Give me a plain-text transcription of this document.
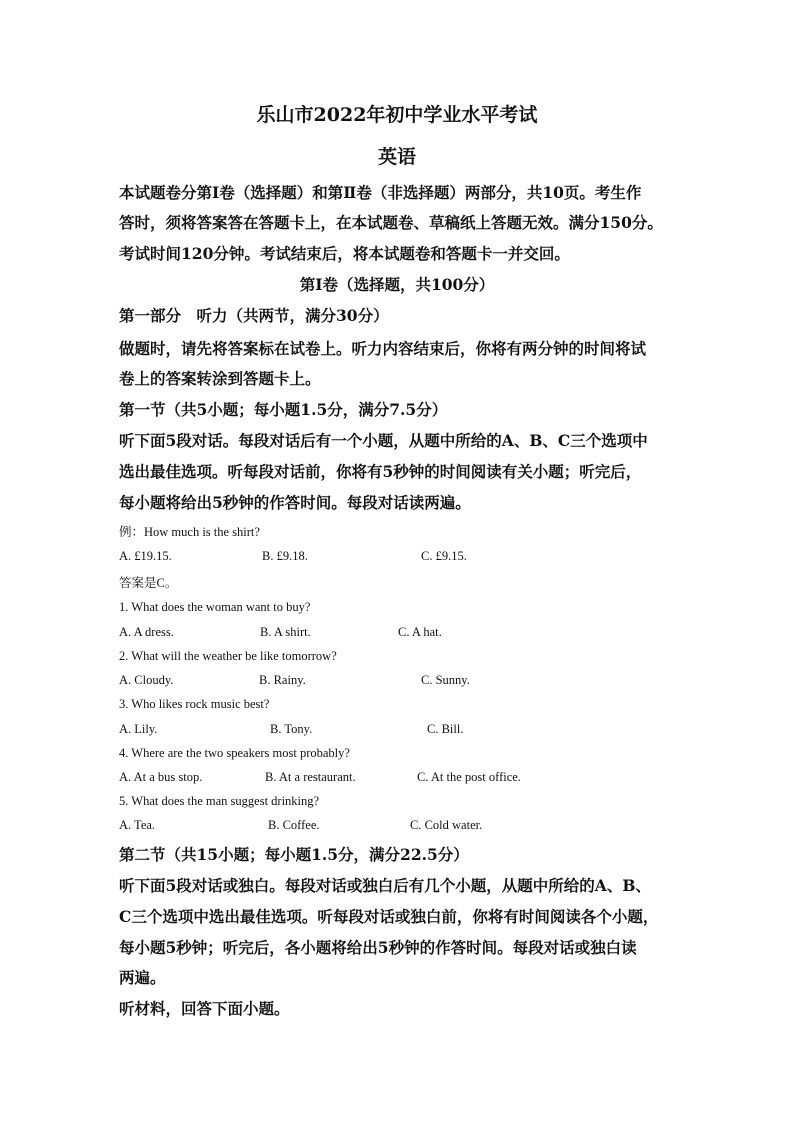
乐山市2022年初中学业水平考试
英语
本试题卷分第Ⅰ卷（选择题）和第Ⅱ卷（非选择题）两部分，共10页。考生作
答时，须将答案答在答题卡上，在本试题卷、草稿纸上答题无效。满分150分。
考试时间120分钟。考试结束后，将本试题卷和答题卡一并交回。
第Ⅰ卷（选择题，共100分）
第一部分　听力（共两节，满分30分）
做题时，请先将答案标在试卷上。听力内容结束后，你将有两分钟的时间将试
卷上的答案转涂到答题卡上。
第一节（共5小题；每小题1.5分，满分7.5分）
听下面5段对话。每段对话后有一个小题，从题中所给的A、B、C三个选项中
选出最佳选项。听每段对话前，你将有5秒钟的时间阅读有关小题；听完后，
每小题将给出5秒钟的作答时间。每段对话读两遍。
例：How much is the shirt?
A. £19.15.	B. £9.18.	C. £9.15.
答案是C。
1. What does the woman want to buy?
A. A dress.	B. A shirt.	C. A hat.
2. What will the weather be like tomorrow?
A. Cloudy.	B. Rainy.	C. Sunny.
3. Who likes rock music best?
A. Lily.	B. Tony.	C. Bill.
4. Where are the two speakers most probably?
A. At a bus stop.	B. At a restaurant.	C. At the post office.
5. What does the man suggest drinking?
A. Tea.	B. Coffee.	C. Cold water.
第二节（共15小题；每小题1.5分，满分22.5分）
听下面5段对话或独白。每段对话或独白后有几个小题，从题中所给的A、B、
C三个选项中选出最佳选项。听每段对话或独白前，你将有时间阅读各个小题，
每小题5秒钟；听完后，各小题将给出5秒钟的作答时间。每段对话或独白读
两遍。
听材料，回答下面小题。
